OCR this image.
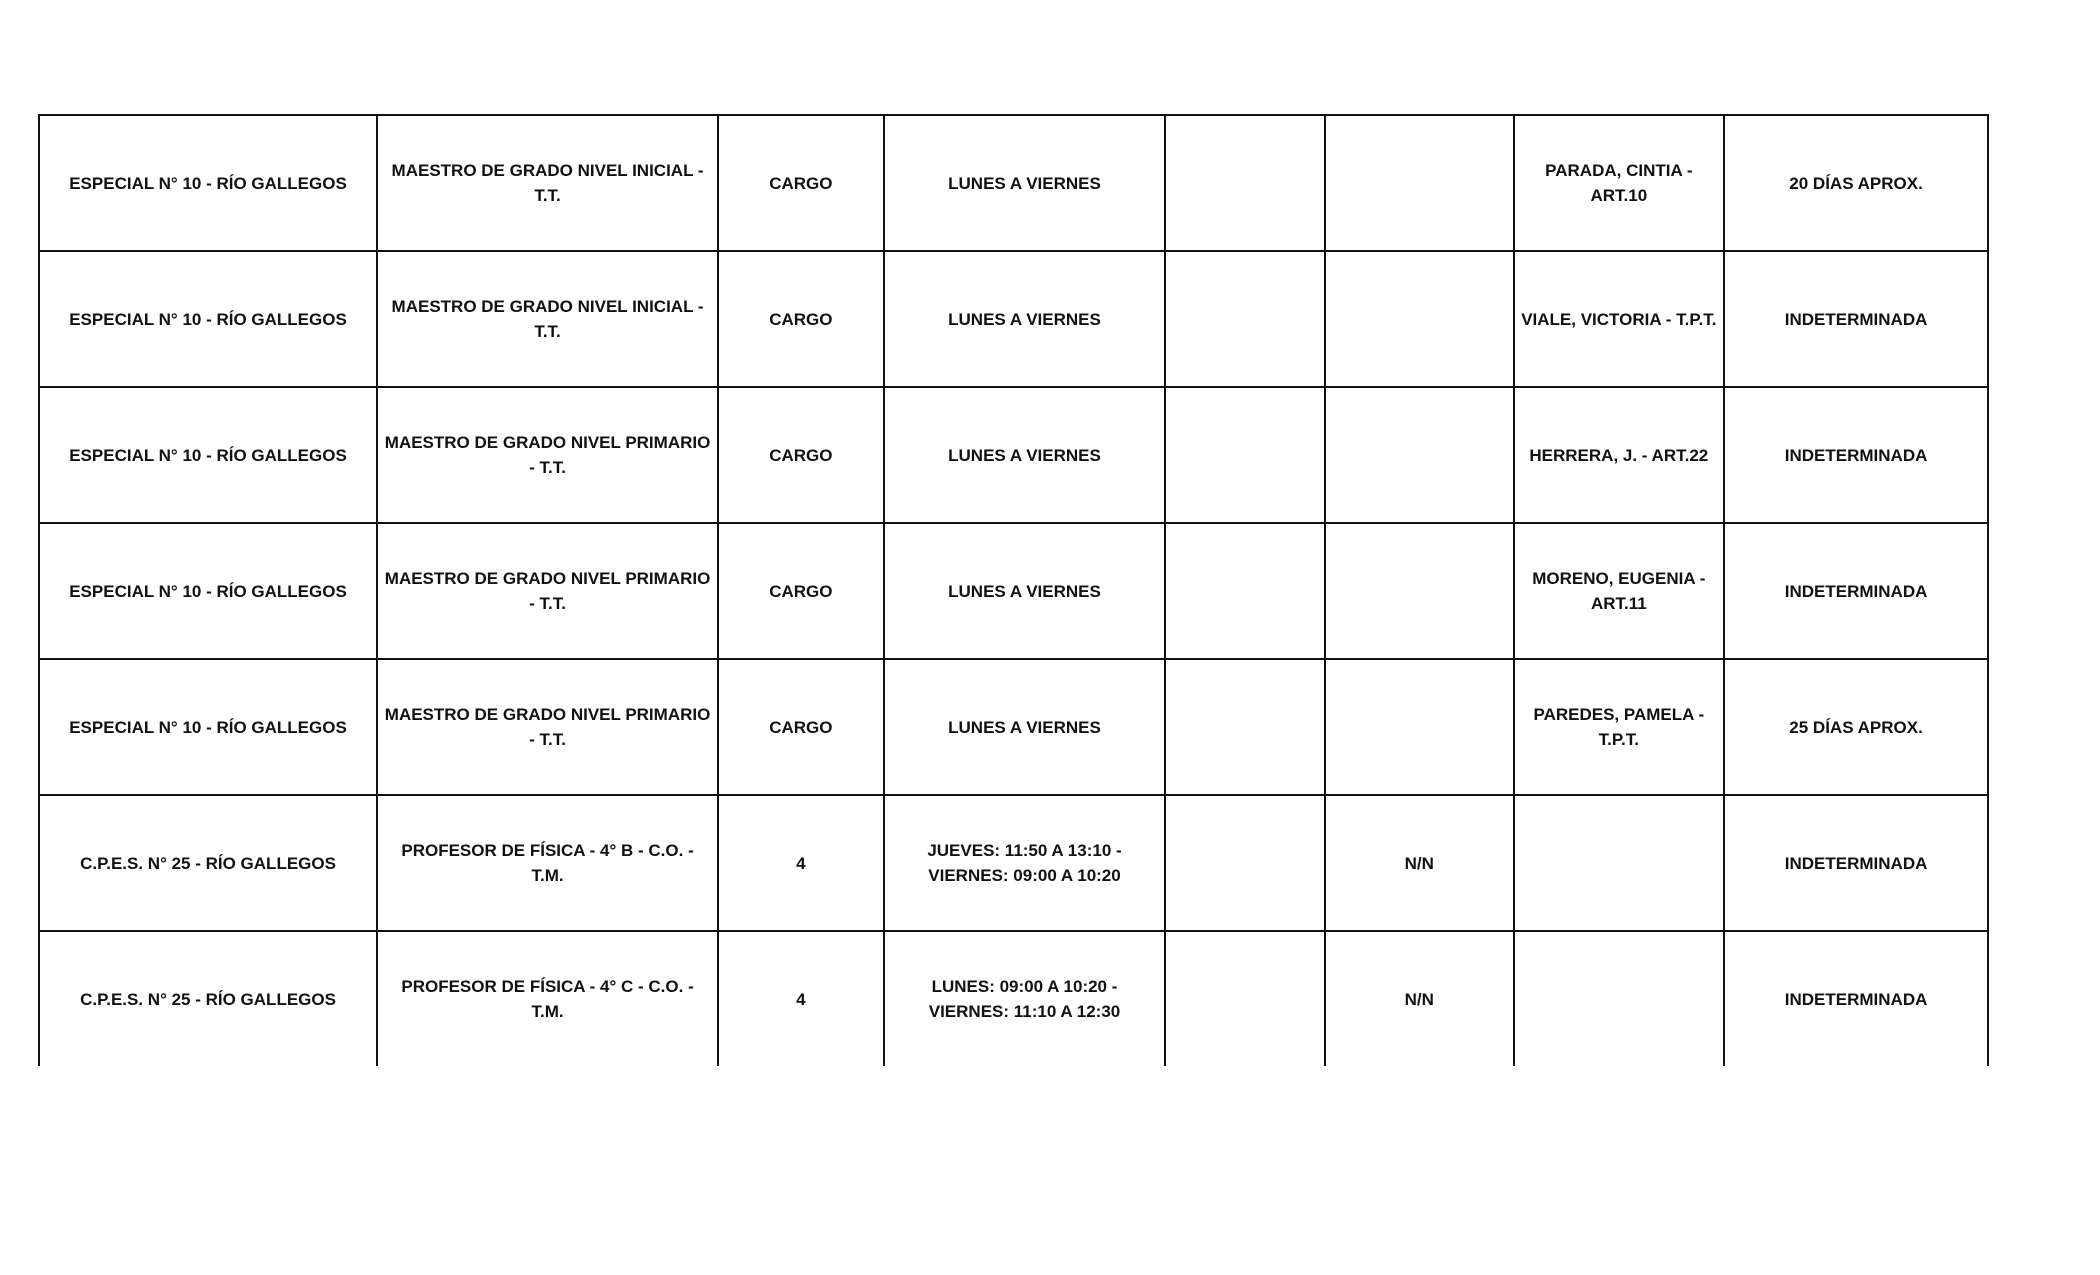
ESPECIAL N° 10 - RÍO GALLEGOS	MAESTRO DE GRADO NIVEL INICIAL - T.T.	CARGO	LUNES A VIERNES			PARADA, CINTIA - ART.10	20 DÍAS APROX.
ESPECIAL N° 10 - RÍO GALLEGOS	MAESTRO DE GRADO NIVEL INICIAL - T.T.	CARGO	LUNES A VIERNES			VIALE, VICTORIA - T.P.T.	INDETERMINADA
ESPECIAL N° 10 - RÍO GALLEGOS	MAESTRO DE GRADO NIVEL PRIMARIO - T.T.	CARGO	LUNES A VIERNES			HERRERA, J. - ART.22	INDETERMINADA
ESPECIAL N° 10 - RÍO GALLEGOS	MAESTRO DE GRADO NIVEL PRIMARIO - T.T.	CARGO	LUNES A VIERNES			MORENO, EUGENIA - ART.11	INDETERMINADA
ESPECIAL N° 10 - RÍO GALLEGOS	MAESTRO DE GRADO NIVEL PRIMARIO - T.T.	CARGO	LUNES A VIERNES			PAREDES, PAMELA - T.P.T.	25 DÍAS APROX.
C.P.E.S. N° 25 - RÍO GALLEGOS	PROFESOR DE FÍSICA - 4° B - C.O. - T.M.	4	JUEVES: 11:50 A 13:10 - VIERNES: 09:00 A 10:20		N/N		INDETERMINADA
C.P.E.S. N° 25 - RÍO GALLEGOS	PROFESOR DE FÍSICA - 4° C - C.O. - T.M.	4	LUNES: 09:00 A 10:20 - VIERNES: 11:10 A 12:30		N/N		INDETERMINADA
